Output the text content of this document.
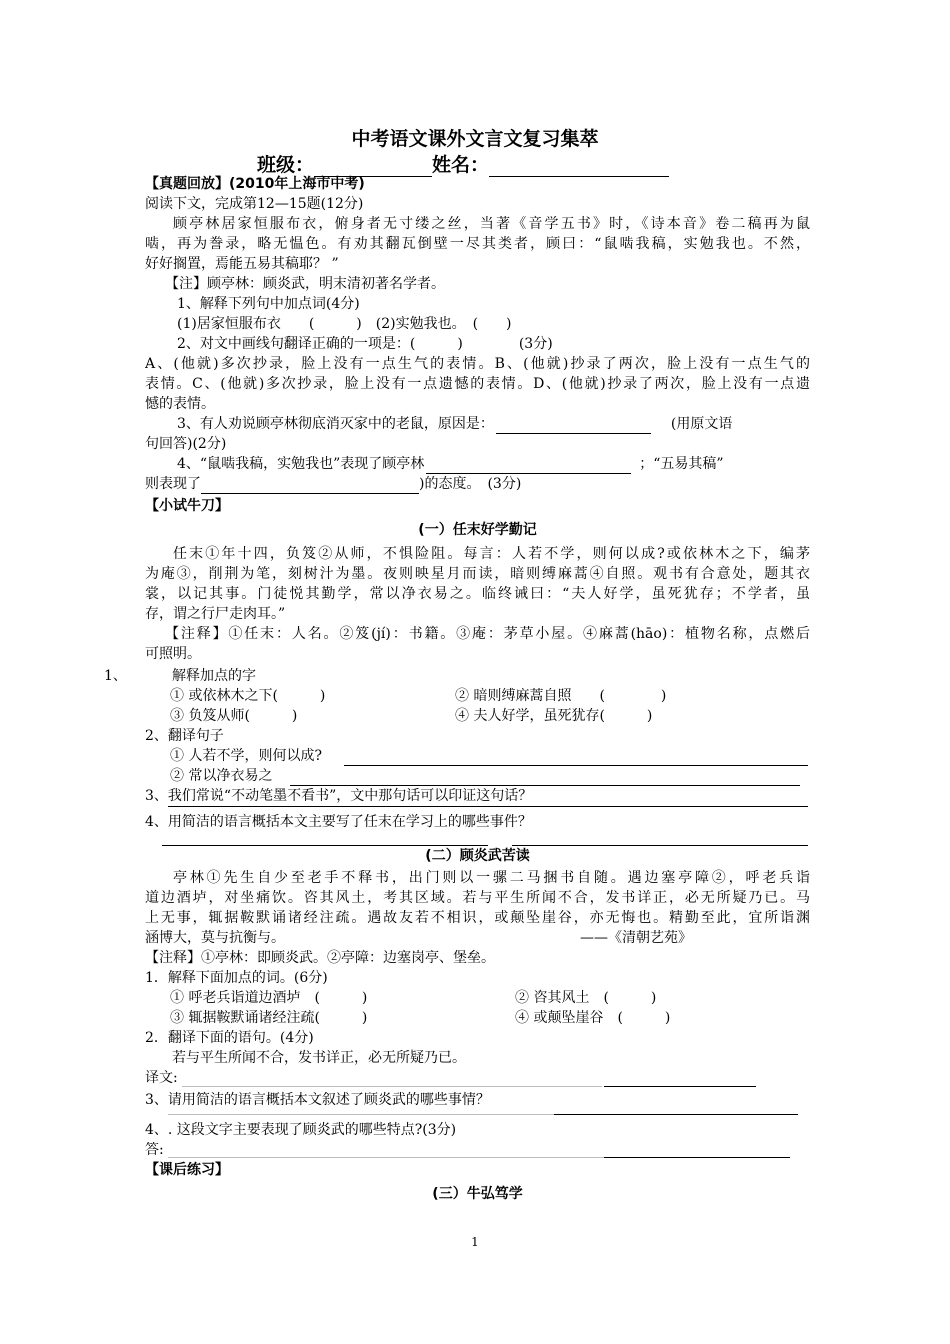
中考语文课外文言文复习集萃
班级：	姓名：
【真题回放】(2010年上海市中考)
阅读下文，完成第12—15题(12分)
顾亭林居家恒服布衣，俯身者无寸缕之丝，当著《音学五书》时，《诗本音》卷二稿再为鼠
啮，再为誊录，略无愠色。有劝其翻瓦倒壁一尽其类者，顾曰：“鼠啮我稿，实勉我也。不然，
好好搁置，焉能五易其稿耶？ ”
【注】顾亭林：顾炎武，明末清初著名学者。
1、解释下列句中加点词(4分)
(1)居家恒服布衣　　(　　　)　(2)实勉我也。　(　　)
2、对文中画线句翻译正确的一项是：(　　　)　　　　(3分)
A、(他就)多次抄录，脸上没有一点生气的表情。B、(他就)抄录了两次，脸上没有一点生气的
表情。C、(他就)多次抄录，脸上没有一点遗憾的表情。D、(他就)抄录了两次，脸上没有一点遗
憾的表情。
3、有人劝说顾亭林彻底消灭家中的老鼠，原因是：	(用原文语
句回答)(2分)
4、“鼠啮我稿，实勉我也”表现了顾亭林	；“五易其稿”
则表现了	)的态度。　(3分)
【小试牛刀】
(一）任末好学勤记
任末①年十四，负笈②从师，不惧险阻。每言：人若不学，则何以成?或依林木之下，编茅
为庵③，削荆为笔，刻树汁为墨。夜则映星月而读，暗则缚麻蒿④自照。观书有合意处，题其衣
裳，以记其事。门徒悦其勤学，常以净衣易之。临终诫曰：“夫人好学，虽死犹存；不学者，虽
存，谓之行尸走肉耳。”
【注释】①任末：人名。②笈(jí)：书籍。③庵：茅草小屋。④麻蒿(hāo)：植物名称，点燃后
可照明。
1、	解释加点的字
① 或依林木之下(　　　)	② 暗则缚麻蒿自照　　(　　　　)
③ 负笈从师(　　　)	④ 夫人好学，虽死犹存(　　　)
2、翻译句子
① 人若不学，则何以成?
② 常以净衣易之
3、我们常说“不动笔墨不看书”，文中那句话可以印证这句话？
4、用简洁的语言概括本文主要写了任末在学习上的哪些事件？
(二）顾炎武苦读
亭林①先生自少至老手不释书，出门则以一骡二马捆书自随。遇边塞亭障②，呼老兵诣
道边酒垆，对坐痛饮。咨其风土，考其区域。若与平生所闻不合，发书详正，必无所疑乃已。马
上无事，辄据鞍默诵诸经注疏。遇故友若不相识，或颠坠崖谷，亦无悔也。精勤至此，宜所诣渊
涵博大，莫与抗衡与。	——《清朝艺苑》
【注释】①亭林：即顾炎武。②亭障：边塞岗亭、堡垒。
1．解释下面加点的词。(6分)
① 呼老兵诣道边酒垆　(　　　)	② 咨其风土　(　　　)
③ 辄据鞍默诵诸经注疏(　　　)	④ 或颠坠崖谷　(　　　)
2．翻译下面的语句。(4分)
若与平生所闻不合，发书详正，必无所疑乃已。
译文:
3、请用简洁的语言概括本文叙述了顾炎武的哪些事情？
4、. 这段文字主要表现了顾炎武的哪些特点?(3分)
答:
【课后练习】
(三）牛弘笃学
1
